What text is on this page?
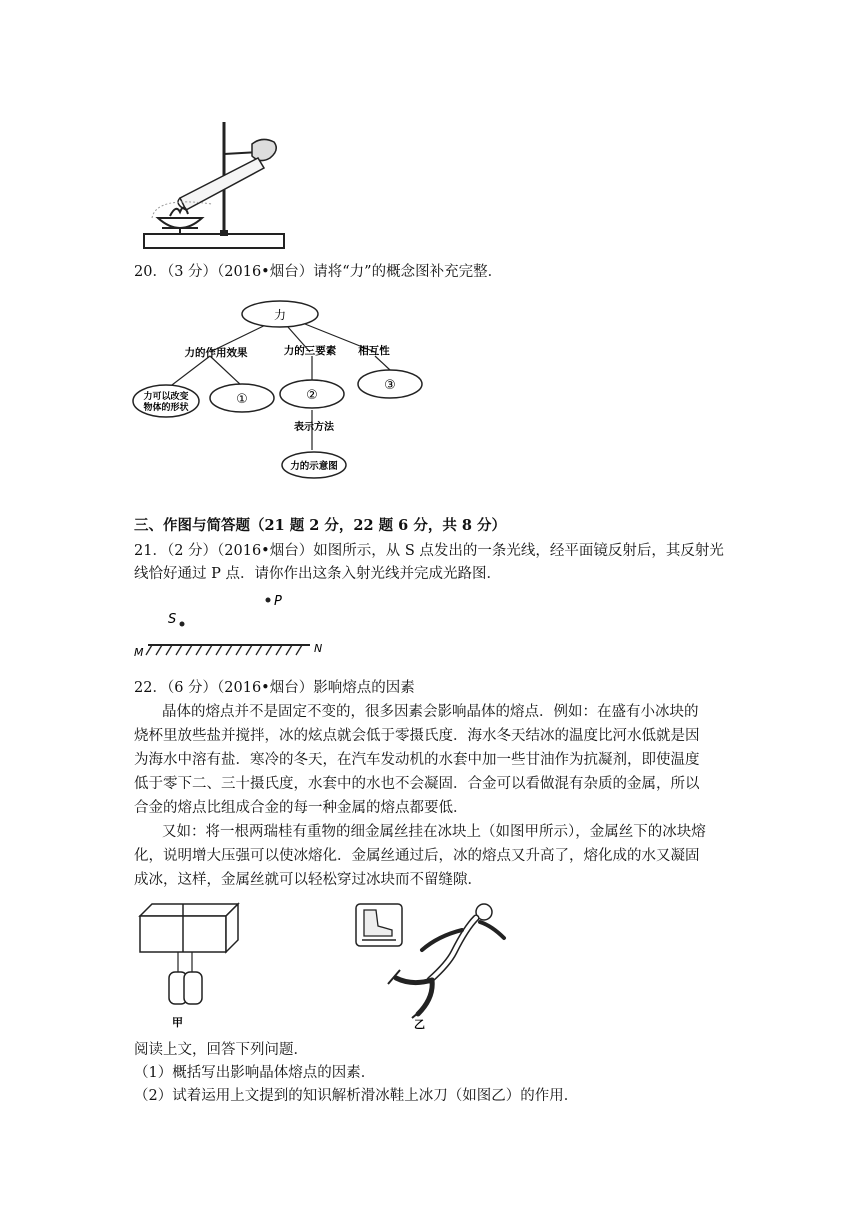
20．（3 分）（2016•烟台）请将“力”的概念图补充完整．
力
力的作用效果	力的三要素 相互性
力可以改变
物体的形状
①	②
③
表示方法
力的示意图
三、作图与简答题（21 题 2 分，22 题 6 分，共 8 分）
21．（2 分）（2016•烟台）如图所示，从 S 点发出的一条光线，经平面镜反射后，其反射光
线恰好通过 P 点．请你作出这条入射光线并完成光路图．
S
P
M	N
22．（6 分）（2016•烟台）影响熔点的因素
晶体的熔点并不是固定不变的，很多因素会影响晶体的熔点．例如：在盛有小冰块的
烧杯里放些盐并搅拌，冰的炫点就会低于零摄氏度．海水冬天结冰的温度比河水低就是因
为海水中溶有盐．寒冷的冬天，在汽车发动机的水套中加一些甘油作为抗凝剂，即使温度
低于零下二、三十摄氏度，水套中的水也不会凝固．合金可以看做混有杂质的金属，所以
合金的熔点比组成合金的每一种金属的熔点都要低．
又如：将一根两瑞桂有重物的细金属丝挂在冰块上（如图甲所示），金属丝下的冰块熔
化，说明增大压强可以使冰熔化．金属丝通过后，冰的熔点又升高了，熔化成的水又凝固
成冰，这样，金属丝就可以轻松穿过冰块而不留缝隙．
甲	乙
阅读上文，回答下列问题．
（1）概括写出影响晶体熔点的因素．
（2）试着运用上文提到的知识解析滑冰鞋上冰刀（如图乙）的作用．
